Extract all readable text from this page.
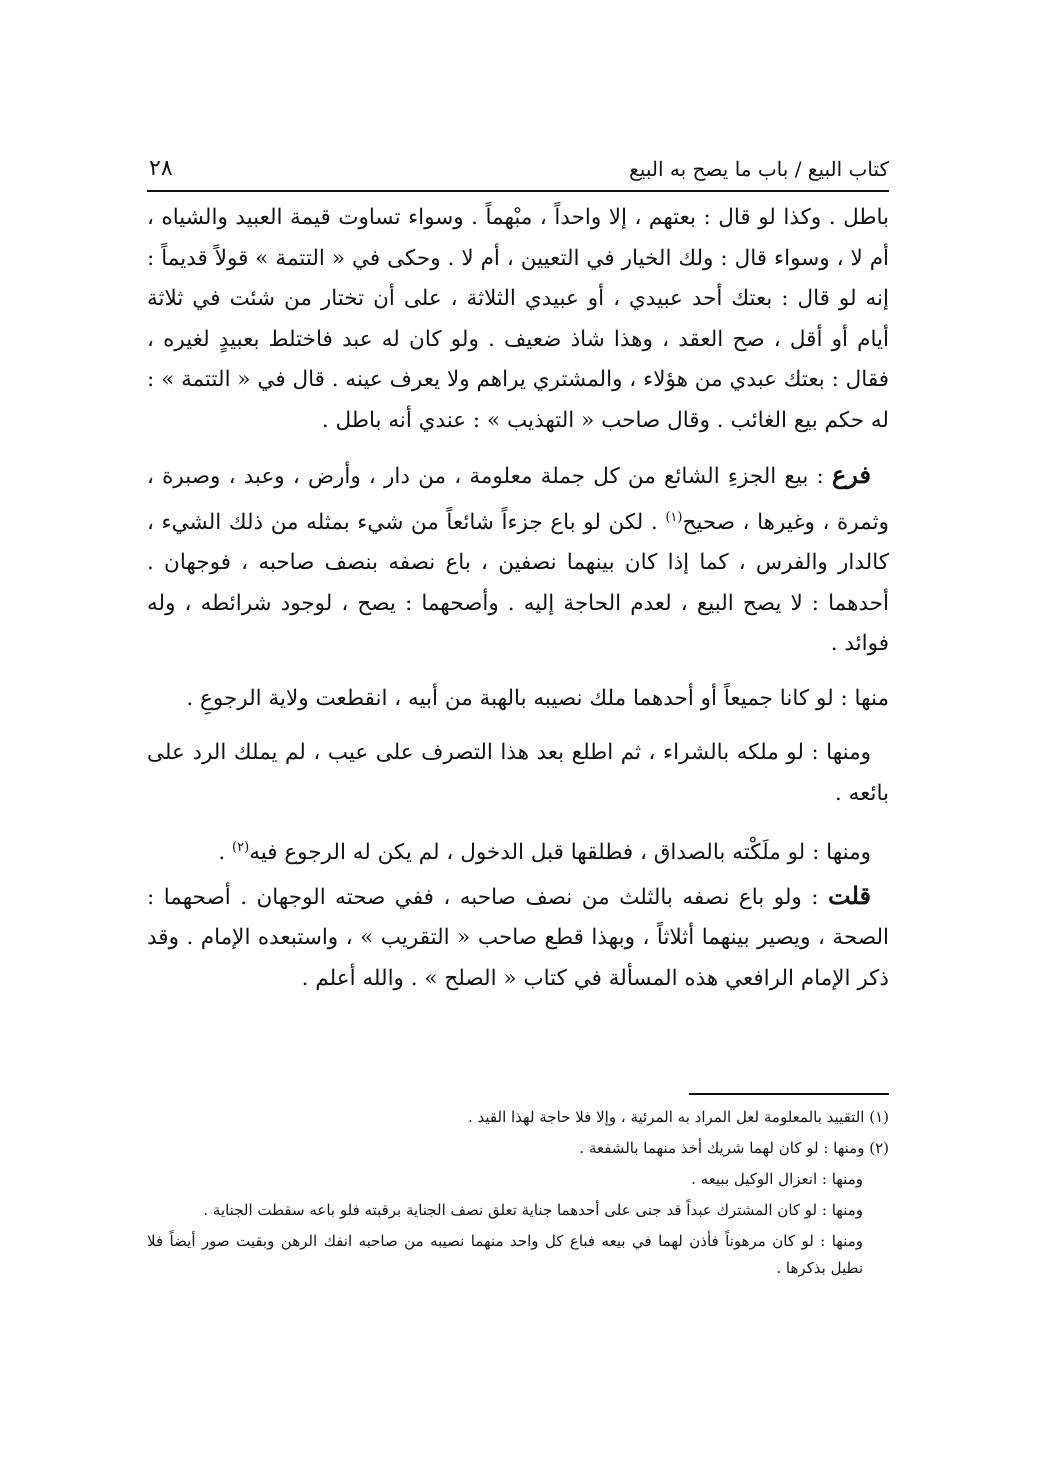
كتاب البيع / باب ما يصح به البيع
٢٨

باطل . وكذا لو قال : بعتهم ، إلا واحداً ، مبْهماً . وسواء تساوت قيمة العبيد والشياه ، أم لا ، وسواء قال : ولك الخيار في التعيين ، أم لا . وحكى في « التتمة » قولاً قديماً : إنه لو قال : بعتك أحد عبيدي ، أو عبيدي الثلاثة ، على أن تختار من شئت في ثلاثة أيام أو أقل ، صح العقد ، وهذا شاذ ضعيف . ولو كان له عبد فاختلط بعبيدٍ لغيره ، فقال : بعتك عبدي من هؤلاء ، والمشتري يراهم ولا يعرف عينه . قال في « التتمة » : له حكم بيع الغائب . وقال صاحب « التهذيب » : عندي أنه باطل .

فرع : بيع الجزءِ الشائع من كل جملة معلومة ، من دار ، وأرض ، وعبد ، وصبرة ، وثمرة ، وغيرها ، صحيح$^{(١)}$ . لكن لو باع جزءاً شائعاً من شيء بمثله من ذلك الشيء ، كالدار والفرس ، كما إذا كان بينهما نصفين ، باع نصفه بنصف صاحبه ، فوجهان . أحدهما : لا يصح البيع ، لعدم الحاجة إليه . وأصحهما : يصح ، لوجود شرائطه ، وله فوائد .

منها : لو كانا جميعاً أو أحدهما ملك نصيبه بالهبة من أبيه ، انقطعت ولاية الرجوعِ .

ومنها : لو ملكه بالشراء ، ثم اطلع بعد هذا التصرف على عيب ، لم يملك الرد على بائعه .

ومنها : لو ملَكْته بالصداق ، فطلقها قبل الدخول ، لم يكن له الرجوع فيه$^{(٢)}$ .

قلت : ولو باع نصفه بالثلث من نصف صاحبه ، ففي صحته الوجهان . أصحهما : الصحة ، ويصير بينهما أثلاثاً ، وبهذا قطع صاحب « التقريب » ، واستبعده الإمام . وقد ذكر الإمام الرافعي هذه المسألة في كتاب « الصلح » . والله أعلم .

(١) التقييد بالمعلومة لعل المراد به المرئية ، وإلا فلا حاجة لهذا القيد .

(٢) ومنها : لو كان لهما شريك أخذ منهما بالشفعة .

ومنها : انعزال الوكيل ببيعه .

ومنها : لو كان المشترك عبداً قد جنى على أحدهما جناية تعلق نصف الجناية برقبته فلو باعه سقطت الجناية .

ومنها : لو كان مرهوناً فأذن لهما في بيعه فباع كل واحد منهما نصيبه من صاحبه انفك الرهن وبقيت صور أيضاً فلا نطيل بذكرها .
